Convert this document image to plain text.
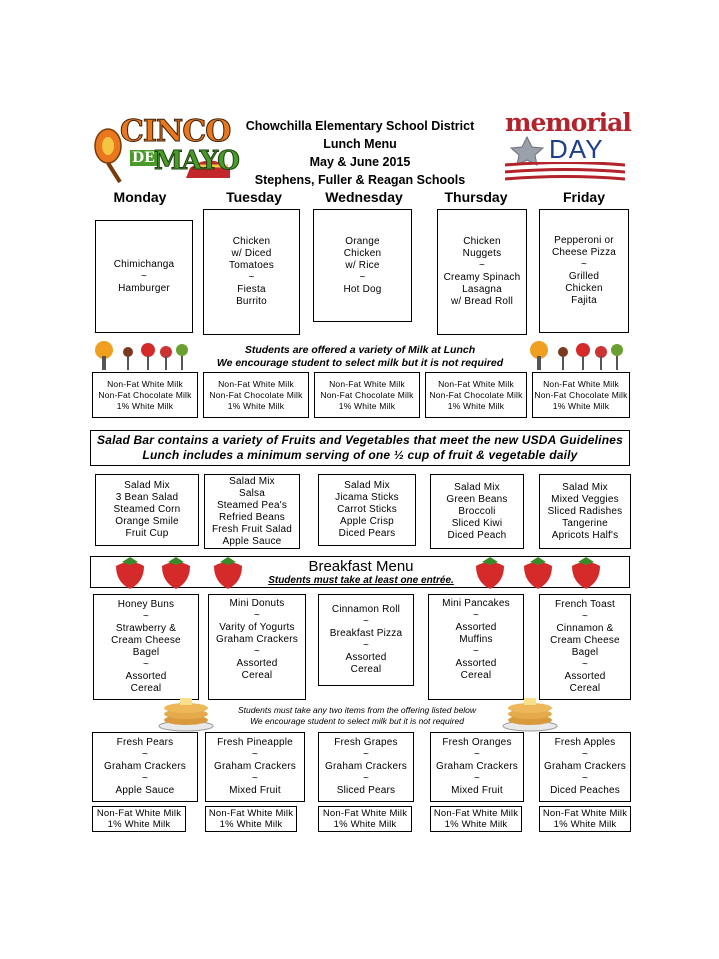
CINCO
DE MAYO
memorial
DAY
Chowchilla Elementary School District
Lunch Menu
May & June 2015
Stephens, Fuller & Reagan Schools
Monday	Tuesday	Wednesday	Thursday	Friday
Chimichanga
~
Hamburger
Chicken
w/ Diced
Tomatoes
~
Fiesta
Burrito
Orange
Chicken
w/ Rice
~
Hot Dog
Chicken
Nuggets
~
Creamy Spinach
Lasagna
w/ Bread Roll
Pepperoni or
Cheese Pizza
~
Grilled
Chicken
Fajita
Students are offered a variety of Milk at Lunch
We encourage student to select milk but it is not required
Non-Fat White Milk
Non-Fat Chocolate Milk
1% White Milk
Non-Fat White Milk
Non-Fat Chocolate Milk
1% White Milk
Non-Fat White Milk
Non-Fat Chocolate Milk
1% White Milk
Non-Fat White Milk
Non-Fat Chocolate Milk
1% White Milk
Non-Fat White Milk
Non-Fat Chocolate Milk
1% White Milk
Salad Bar contains a variety of Fruits and Vegetables that meet the new USDA Guidelines
Lunch includes a minimum serving of one ½ cup of fruit & vegetable daily
Salad Mix
3 Bean Salad
Steamed Corn
Orange Smile
Fruit Cup
Salad Mix
Salsa
Steamed Pea's
Refried Beans
Fresh Fruit Salad
Apple Sauce
Salad Mix
Jicama Sticks
Carrot Sticks
Apple Crisp
Diced Pears
Salad Mix
Green Beans
Broccoli
Sliced Kiwi
Diced Peach
Salad Mix
Mixed Veggies
Sliced Radishes
Tangerine
Apricots Half's
Breakfast Menu
Students must take at least one entrée.
Honey Buns
~
Strawberry &
Cream Cheese
Bagel
~
Assorted
Cereal
Mini Donuts
~
Varity of Yogurts
Graham Crackers
~
Assorted
Cereal
Cinnamon Roll
~
Breakfast Pizza
~
Assorted
Cereal
Mini Pancakes
~
Assorted
Muffins
~
Assorted
Cereal
French Toast
~
Cinnamon &
Cream Cheese
Bagel
~
Assorted
Cereal
Students must take any two items from the offering listed below
We encourage student to select milk but it is not required
Fresh Pears
~
Graham Crackers
~
Apple Sauce
Fresh Pineapple
~
Graham Crackers
~
Mixed Fruit
Fresh Grapes
~
Graham Crackers
~
Sliced Pears
Fresh Oranges
~
Graham Crackers
~
Mixed Fruit
Fresh Apples
~
Graham Crackers
~
Diced Peaches
Non-Fat White Milk
1% White Milk
Non-Fat White Milk
1% White Milk
Non-Fat White Milk
1% White Milk
Non-Fat White Milk
1% White Milk
Non-Fat White Milk
1% White Milk
